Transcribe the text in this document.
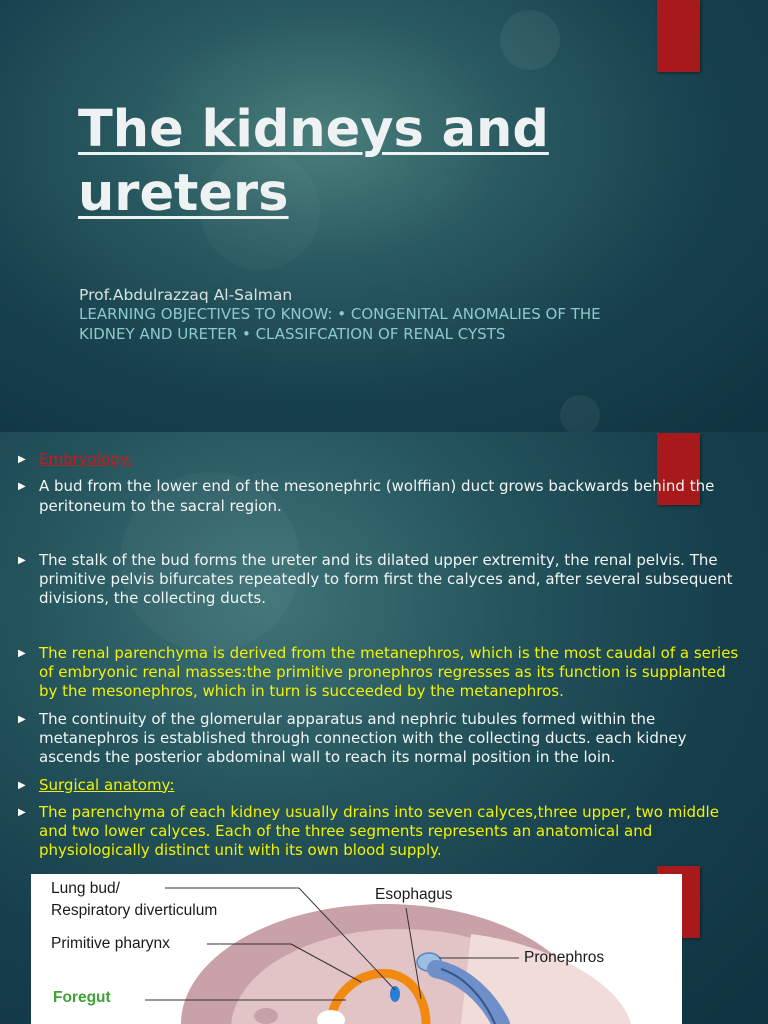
The kidneys and
ureters
Prof.Abdulrazzaq Al-Salman
LEARNING OBJECTIVES TO KNOW: • CONGENITAL ANOMALIES OF THE KIDNEY AND URETER • CLASSIFCATION OF RENAL CYSTS
▶ Embryology:
▶ A bud from the lower end of the mesonephric (wolffian) duct grows backwards behind the peritoneum to the sacral region.
▶ The stalk of the bud forms the ureter and its dilated upper extremity, the renal pelvis. The primitive pelvis bifurcates repeatedly to form first the calyces and, after several subsequent divisions, the collecting ducts.
▶ The renal parenchyma is derived from the metanephros, which is the most caudal of a series of embryonic renal masses:the primitive pronephros regresses as its function is supplanted by the mesonephros, which in turn is succeeded by the metanephros.
▶ The continuity of the glomerular apparatus and nephric tubules formed within the metanephros is established through connection with the collecting ducts. each kidney ascends the posterior abdominal wall to reach its normal position in the loin.
▶ Surgical anatomy:
▶ The parenchyma of each kidney usually drains into seven calyces,three upper, two middle and two lower calyces. Each of the three segments represents an anatomical and physiologically distinct unit with its own blood supply.
Lung bud/
Respiratory diverticulum
Primitive pharynx
Foregut
Esophagus
Pronephros
